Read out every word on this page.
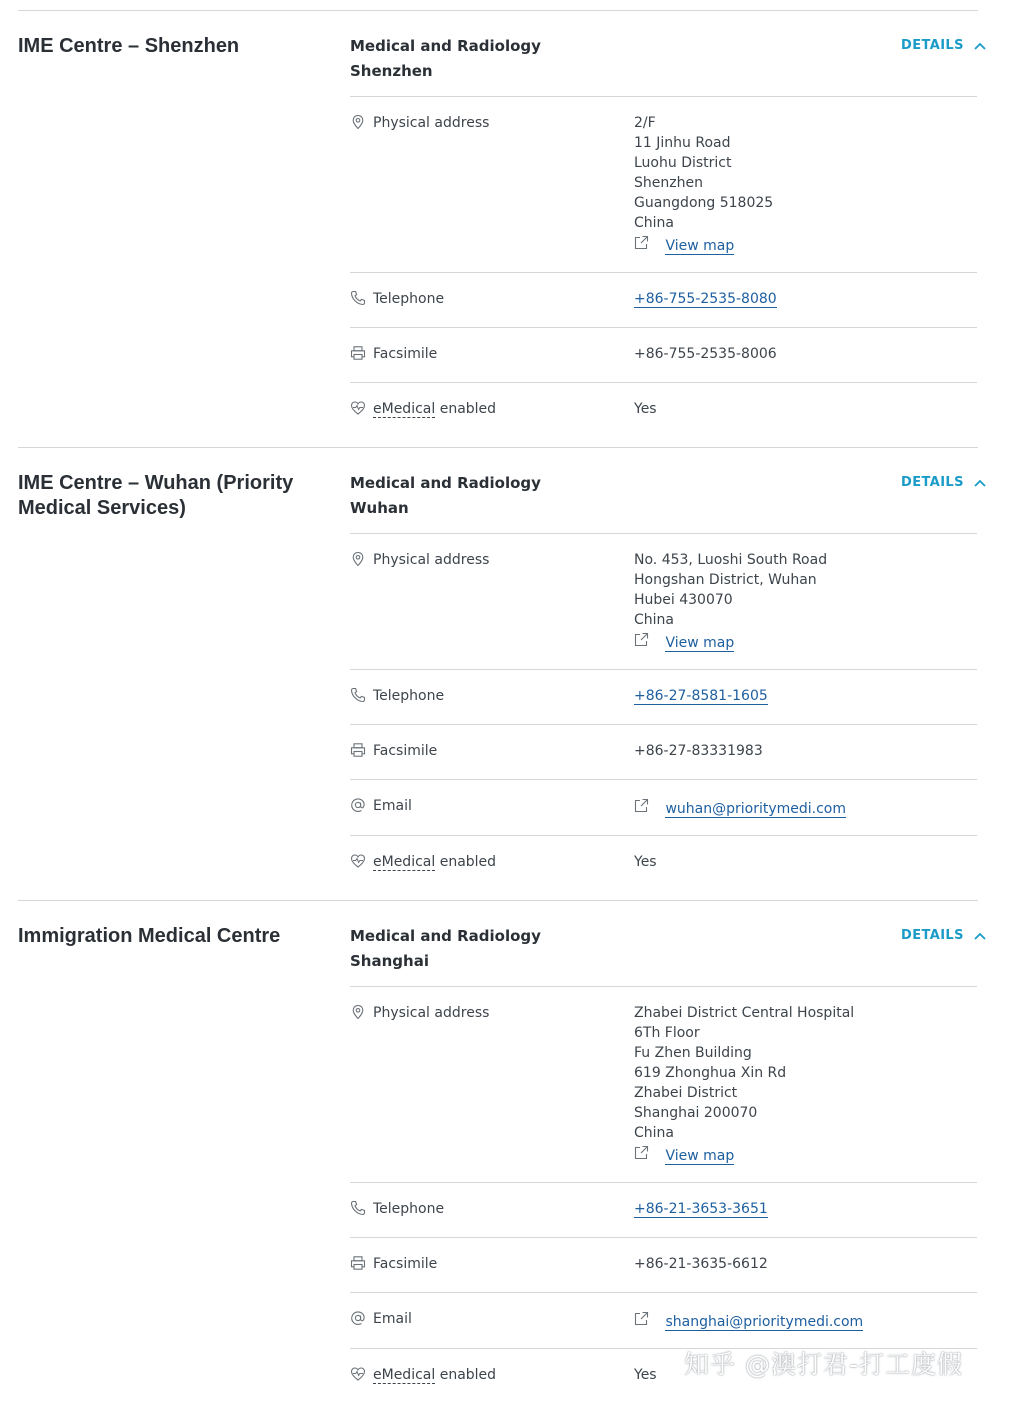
IME Centre – Shenzhen	Medical and Radiology
Shenzhen
DETAILS
Physical address	2/F
11 Jinhu Road
Luohu District
Shenzhen
Guangdong 518025
China
View map
Telephone	+86-755-2535-8080
Facsimile	+86-755-2535-8006
eMedical enabled	Yes
IME Centre – Wuhan (Priority Medical Services)
Medical and Radiology
Wuhan
DETAILS
Physical address	No. 453, Luoshi South Road
Hongshan District, Wuhan
Hubei 430070
China
View map
Telephone	+86-27-8581-1605
Facsimile	+86-27-83331983
Email	wuhan@prioritymedi.com
eMedical enabled	Yes
Immigration Medical Centre	Medical and Radiology
Shanghai
DETAILS
Physical address	Zhabei District Central Hospital
6Th Floor
Fu Zhen Building
619 Zhonghua Xin Rd
Zhabei District
Shanghai 200070
China
View map
Telephone	+86-21-3653-3651
Facsimile	+86-21-3635-6612
Email	shanghai@prioritymedi.com
eMedical enabled	Yes 知乎 @澳打君-打工度假
